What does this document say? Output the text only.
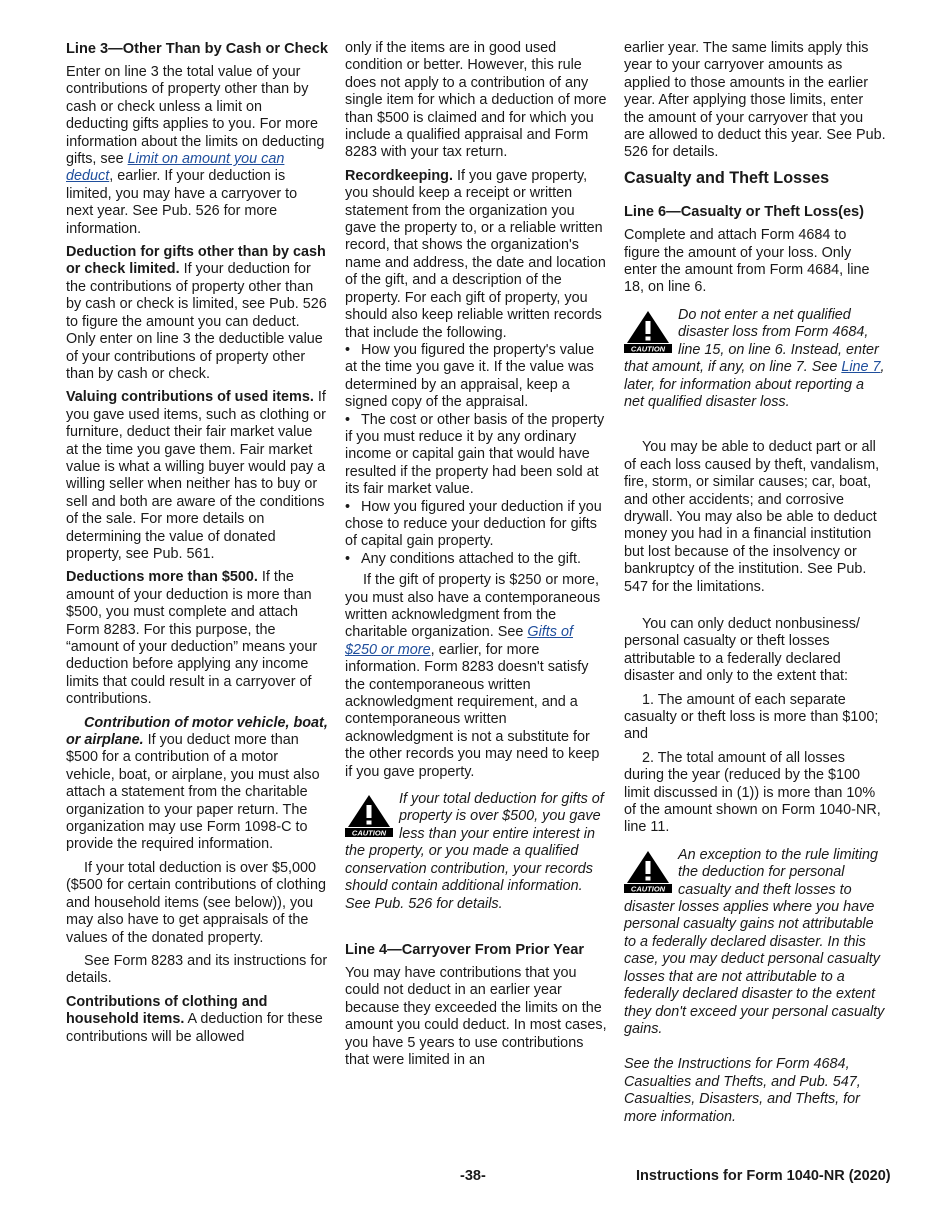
Line 3—Other Than by Cash or Check

Enter on line 3 the total value of your contributions of property other than by cash or check unless a limit on deducting gifts applies to you. For more information about the limits on deducting gifts, see Limit on amount you can deduct, earlier. If your deduction is limited, you may have a carryover to next year. See Pub. 526 for more information.

Deduction for gifts other than by cash or check limited. If your deduction for the contributions of property other than by cash or check is limited, see Pub. 526 to figure the amount you can deduct. Only enter on line 3 the deductible value of your contributions of property other than by cash or check.

Valuing contributions of used items. If you gave used items, such as clothing or furniture, deduct their fair market value at the time you gave them. Fair market value is what a willing buyer would pay a willing seller when neither has to buy or sell and both are aware of the conditions of the sale. For more details on determining the value of donated property, see Pub. 561.

Deductions more than $500. If the amount of your deduction is more than $500, you must complete and attach Form 8283. For this purpose, the “amount of your deduction” means your deduction before applying any income limits that could result in a carryover of contributions.

Contribution of motor vehicle, boat, or airplane. If you deduct more than $500 for a contribution of a motor vehicle, boat, or airplane, you must also attach a statement from the charitable organization to your paper return. The organization may use Form 1098-C to provide the required information.

If your total deduction is over $5,000 ($500 for certain contributions of clothing and household items (see below)), you may also have to get appraisals of the values of the donated property.

See Form 8283 and its instructions for details.

Contributions of clothing and household items. A deduction for these contributions will be allowed

only if the items are in good used condition or better. However, this rule does not apply to a contribution of any single item for which a deduction of more than $500 is claimed and for which you include a qualified appraisal and Form 8283 with your tax return.

Recordkeeping. If you gave property, you should keep a receipt or written statement from the organization you gave the property to, or a reliable written record, that shows the organization's name and address, the date and location of the gift, and a description of the property. For each gift of property, you should also keep reliable written records that include the following.

• How you figured the property's value at the time you gave it. If the value was determined by an appraisal, keep a signed copy of the appraisal.

• The cost or other basis of the property if you must reduce it by any ordinary income or capital gain that would have resulted if the property had been sold at its fair market value.

• How you figured your deduction if you chose to reduce your deduction for gifts of capital gain property.

• Any conditions attached to the gift.

If the gift of property is $250 or more, you must also have a contemporaneous written acknowledgment from the charitable organization. See Gifts of $250 or more, earlier, for more information. Form 8283 doesn't satisfy the contemporaneous written acknowledgment requirement, and a contemporaneous written acknowledgment is not a substitute for the other records you may need to keep if you gave property.

CAUTION
If your total deduction for gifts of property is over $500, you gave less than your entire interest in the property, or you made a qualified conservation contribution, your records should contain additional information. See Pub. 526 for details.
Line 4—Carryover From Prior Year

You may have contributions that you could not deduct in an earlier year because they exceeded the limits on the amount you could deduct. In most cases, you have 5 years to use contributions that were limited in an

earlier year. The same limits apply this year to your carryover amounts as applied to those amounts in the earlier year. After applying those limits, enter the amount of your carryover that you are allowed to deduct this year. See Pub. 526 for details.

Casualty and Theft Losses
Line 6—Casualty or Theft Loss(es)

Complete and attach Form 4684 to figure the amount of your loss. Only enter the amount from Form 4684, line 18, on line 6.

CAUTION
Do not enter a net qualified disaster loss from Form 4684, line 15, on line 6. Instead, enter that amount, if any, on line 7. See Line 7, later, for information about reporting a net qualified disaster loss.

You may be able to deduct part or all of each loss caused by theft, vandalism, fire, storm, or similar causes; car, boat, and other accidents; and corrosive drywall. You may also be able to deduct money you had in a financial institution but lost because of the insolvency or bankruptcy of the institution. See Pub. 547 for the limitations.

You can only deduct nonbusiness/ personal casualty or theft losses attributable to a federally declared disaster and only to the extent that:

1. The amount of each separate casualty or theft loss is more than $100; and

2. The total amount of all losses during the year (reduced by the $100 limit discussed in (1)) is more than 10% of the amount shown on Form 1040-NR, line 11.

CAUTION
An exception to the rule limiting the deduction for personal casualty and theft losses to disaster losses applies where you have personal casualty gains not attributable to a federally declared disaster. In this case, you may deduct personal casualty losses that are not attributable to a federally declared disaster to the extent they don't exceed your personal casualty gains.

See the Instructions for Form 4684, Casualties and Thefts, and Pub. 547, Casualties, Disasters, and Thefts, for more information.

-38-	Instructions for Form 1040-NR (2020)
